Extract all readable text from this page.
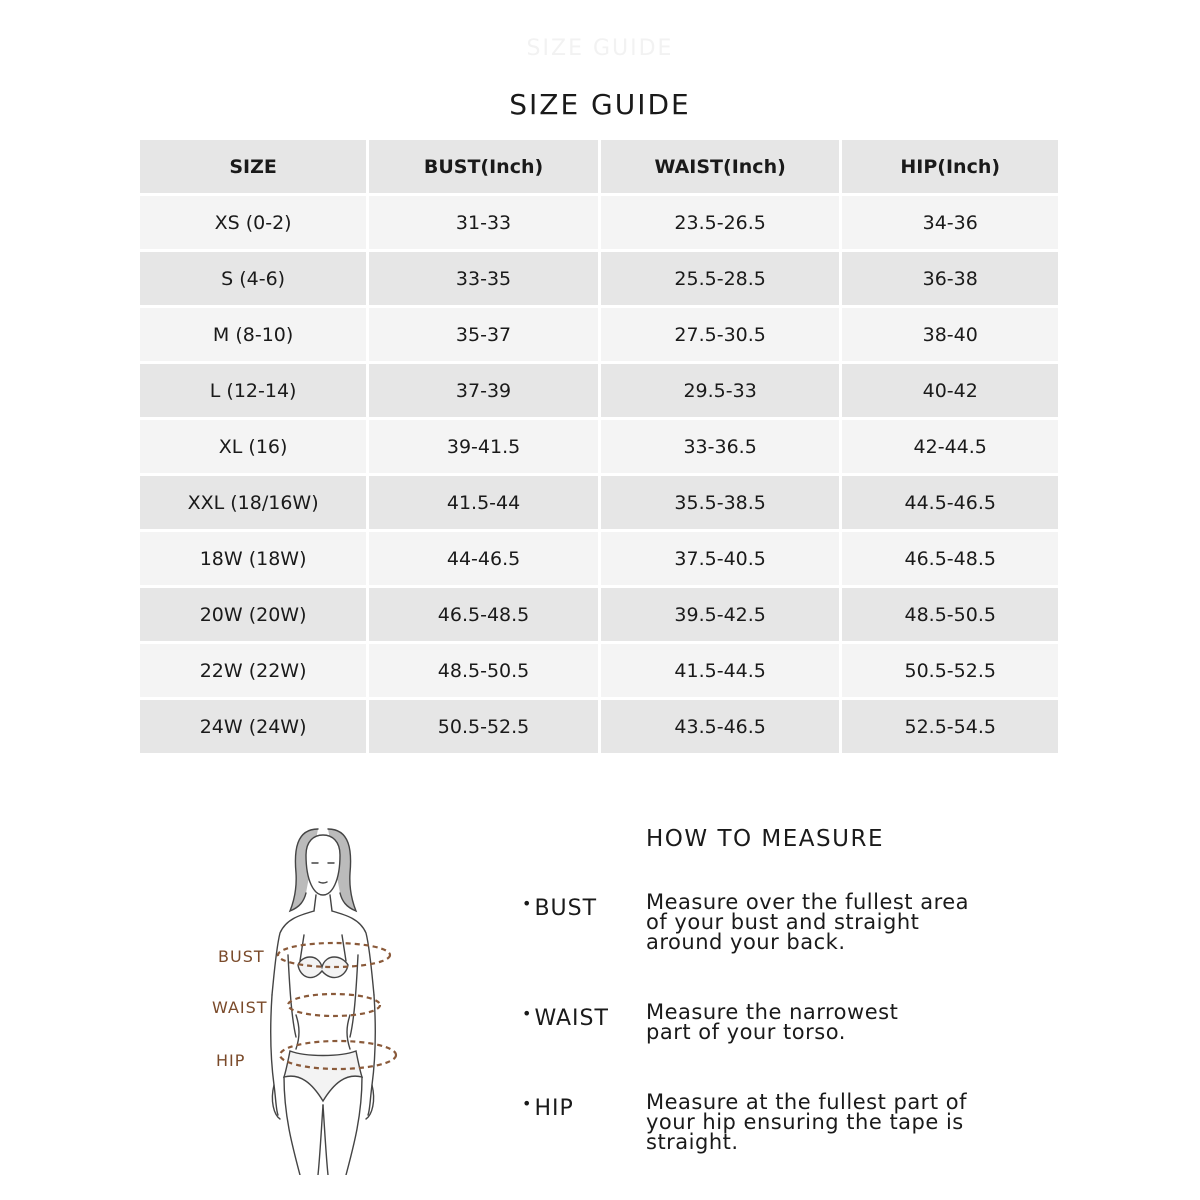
SIZE GUIDE
SIZE GUIDE
SIZE	BUST(Inch)	WAIST(Inch)	HIP(Inch)
XS (0-2)	31-33	23.5-26.5	34-36
S (4-6)	33-35	25.5-28.5	36-38
M (8-10)	35-37	27.5-30.5	38-40
L (12-14)	37-39	29.5-33	40-42
XL (16)	39-41.5	33-36.5	42-44.5
XXL (18/16W)	41.5-44	35.5-38.5	44.5-46.5
18W (18W)	44-46.5	37.5-40.5	46.5-48.5
20W (20W)	46.5-48.5	39.5-42.5	48.5-50.5
22W (22W)	48.5-50.5	41.5-44.5	50.5-52.5
24W (24W)	50.5-52.5	43.5-46.5	52.5-54.5
BUST
WAIST
HIP
HOW TO MEASURE
•BUST Measure over the fullest area
of your bust and straight
around your back.
•WAIST Measure the narrowest
part of your torso.
•HIP	Measure at the fullest part of
your hip ensuring the tape is
straight.
